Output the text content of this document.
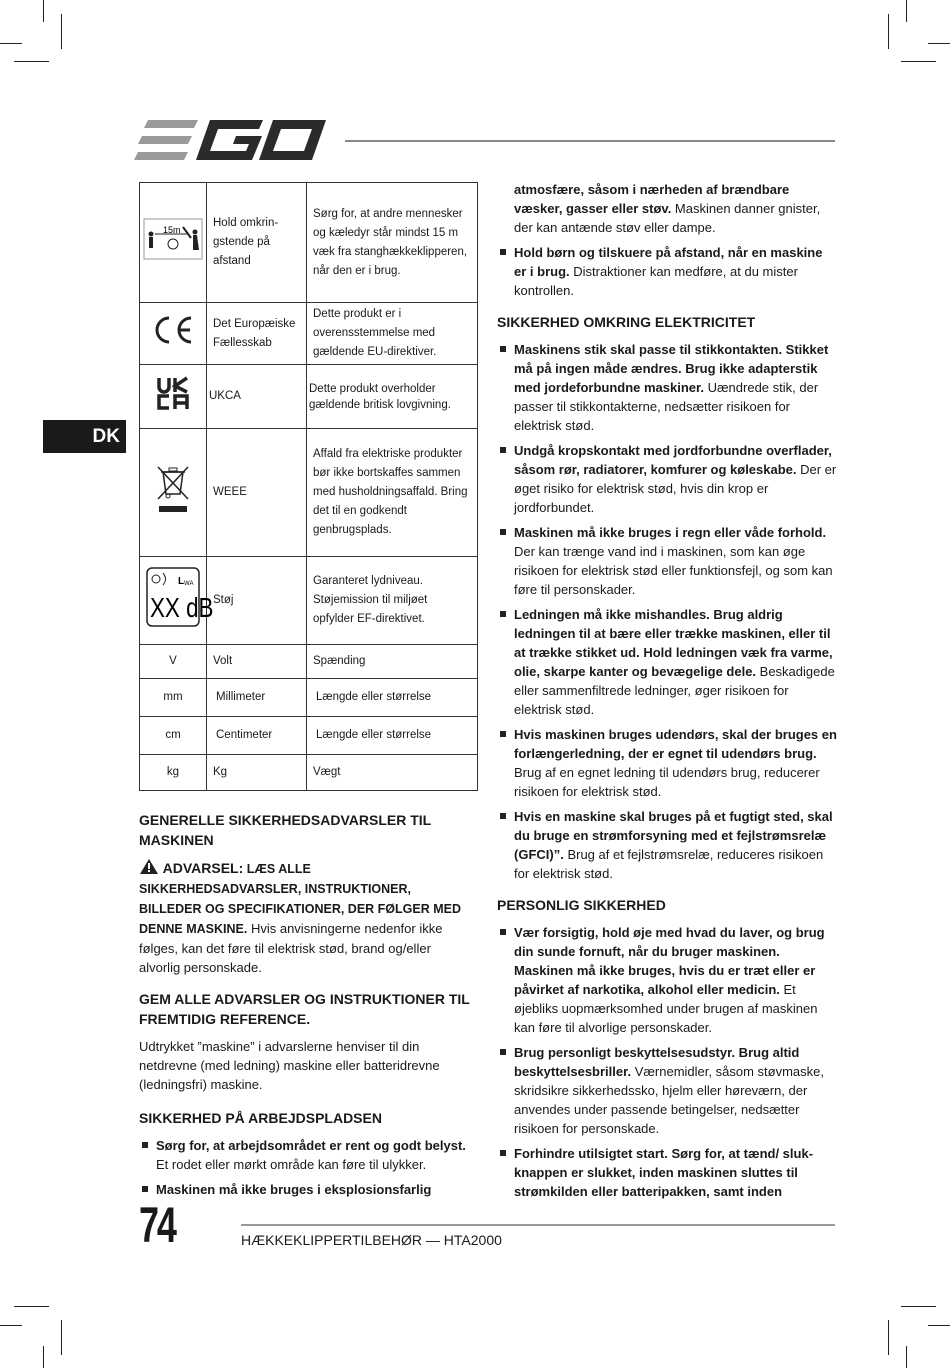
DK
15m	Hold omkrin-gstende på afstand	Sørg for, at andre mennesker og kæledyr står mindst 15 m væk fra stanghækkeklipperen, når den er i brug.
	Det Europæiske Fællesskab	Dette produkt er i overensstemmelse med gældende EU-direktiver.
	UKCA	Dette produkt overholder gældende britisk lovgivning.
	WEEE	Affald fra elektriske produkter bør ikke bortskaffes sammen med husholdningsaffald. Bring det til en godkendt genbrugsplads.

L WA
XX dB	Støj	Garanteret lydniveau. Støjemission til miljøet opfylder EF-direktivet.
V	Volt	Spænding
mm	Millimeter	Længde eller størrelse
cm	Centimeter	Længde eller størrelse
kg	Kg	Vægt
GENERELLE SIKKERHEDSADVARSLER TIL MASKINEN

ADVARSEL: LÆS ALLE SIKKERHEDSADVARSLER, INSTRUKTIONER, BILLEDER OG SPECIFIKATIONER, DER FØLGER MED DENNE MASKINE. Hvis anvisningerne nedenfor ikke følges, kan det føre til elektrisk stød, brand og/eller alvorlig personskade.

GEM ALLE ADVARSLER OG INSTRUKTIONER TIL FREMTIDIG REFERENCE.

Udtrykket ”maskine” i advarslerne henviser til din netdrevne (med ledning) maskine eller batteridrevne (ledningsfri) maskine.

SIKKERHED PÅ ARBEJDSPLADSEN
Sørg for, at arbejdsområdet er rent og godt belyst. Et rodet eller mørkt område kan føre til ulykker.
Maskinen må ikke bruges i eksplosionsfarlig
atmosfære, såsom i nærheden af brændbare væsker, gasser eller støv. Maskinen danner gnister, der kan antænde støv eller dampe.
Hold børn og tilskuere på afstand, når en maskine er i brug. Distraktioner kan medføre, at du mister kontrollen.
SIKKERHED OMKRING ELEKTRICITET
Maskinens stik skal passe til stikkontakten. Stikket må på ingen måde ændres. Brug ikke adapterstik med jordeforbundne maskiner. Uændrede stik, der passer til stikkontakterne, nedsætter risikoen for elektrisk stød.
Undgå kropskontakt med jordforbundne overflader, såsom rør, radiatorer, komfurer og køleskabe. Der er øget risiko for elektrisk stød, hvis din krop er jordforbundet.
Maskinen må ikke bruges i regn eller våde forhold. Der kan trænge vand ind i maskinen, som kan øge risikoen for elektrisk stød eller funktionsfejl, og som kan føre til personskader.
Ledningen må ikke mishandles. Brug aldrig ledningen til at bære eller trække maskinen, eller til at trække stikket ud. Hold ledningen væk fra varme, olie, skarpe kanter og bevægelige dele. Beskadigede eller sammenfiltrede ledninger, øger risikoen for elektrisk stød.
Hvis maskinen bruges udendørs, skal der bruges en forlængerledning, der er egnet til udendørs brug. Brug af en egnet ledning til udendørs brug, reducerer risikoen for elektrisk stød.
Hvis en maskine skal bruges på et fugtigt sted, skal du bruge en strømforsyning med et fejlstrømsrelæ (GFCI)”. Brug af et fejlstrømsrelæ, reduceres risikoen for elektrisk stød.
PERSONLIG SIKKERHED
Vær forsigtig, hold øje med hvad du laver, og brug din sunde fornuft, når du bruger maskinen. Maskinen må ikke bruges, hvis du er træt eller er påvirket af narkotika, alkohol eller medicin. Et øjebliks uopmærksomhed under brugen af maskinen kan føre til alvorlige personskader.
Brug personligt beskyttelsesudstyr. Brug altid beskyttelsesbriller. Værnemidler, såsom støvmaske, skridsikre sikkerhedssko, hjelm eller høreværn, der anvendes under passende betingelser, nedsætter risikoen for personskade.
Forhindre utilsigtet start. Sørg for, at tænd/ sluk-knappen er slukket, inden maskinen sluttes til strømkilden eller batteripakken, samt inden
74	HÆKKEKLIPPERTILBEHØR — HTA2000
